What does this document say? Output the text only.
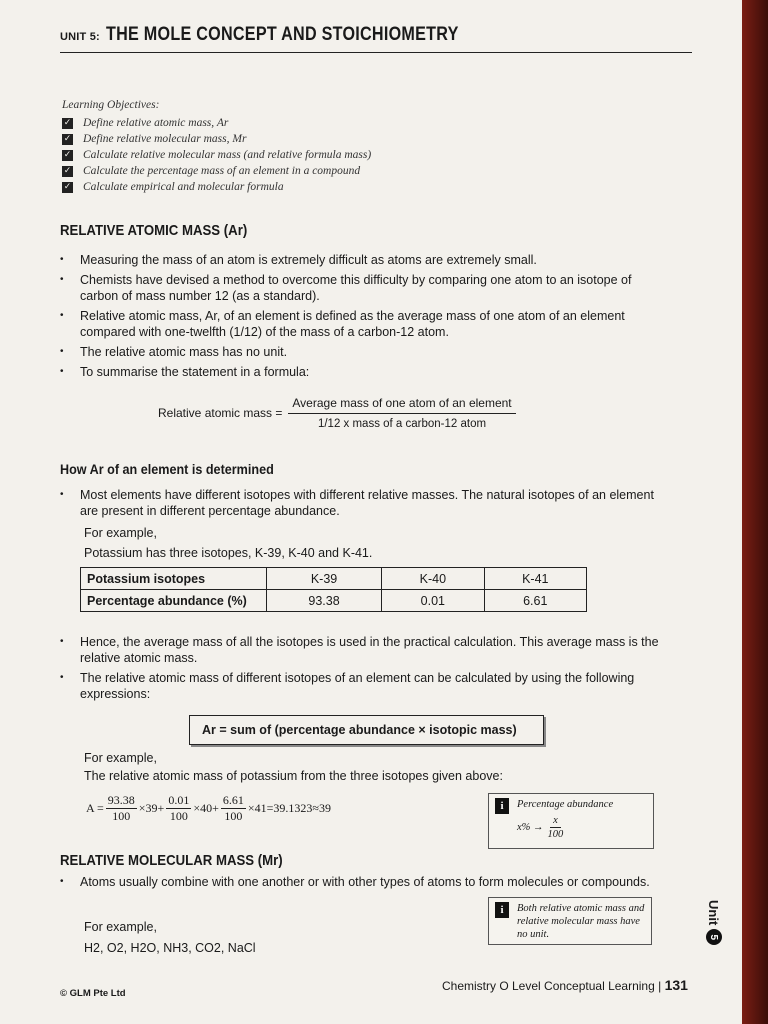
UNIT 5: THE MOLE CONCEPT AND STOICHIOMETRY
Learning Objectives:
✓ Define relative atomic mass, Ar
✓ Define relative molecular mass, Mr
✓ Calculate relative molecular mass (and relative formula mass)
✓ Calculate the percentage mass of an element in a compound
✓ Calculate empirical and molecular formula
RELATIVE ATOMIC MASS (Ar)
• Measuring the mass of an atom is extremely difficult as atoms are extremely small.
• Chemists have devised a method to overcome this difficulty by comparing one atom to an isotope of carbon of mass number 12 (as a standard).
• Relative atomic mass, Ar, of an element is defined as the average mass of one atom of an element compared with one-twelfth (1/12) of the mass of a carbon-12 atom.
• The relative atomic mass has no unit.
• To summarise the statement in a formula:
Relative atomic mass = $\frac{\text{Average mass of one atom of an element}}{\text{1/12 x mass of a carbon-12 atom}}$
How Ar of an element is determined
• Most elements have different isotopes with different relative masses. The natural isotopes of an element are present in different percentage abundance.
For example,
Potassium has three isotopes, K-39, K-40 and K-41.
Potassium isotopes	K-39	K-40	K-41
Percentage abundance (%)	93.38	0.01	6.61
• Hence, the average mass of all the isotopes is used in the practical calculation. This average mass is the relative atomic mass.
• The relative atomic mass of different isotopes of an element can be calculated by using the following expressions:
Ar = sum of (percentage abundance × isotopic mass)
For example,
The relative atomic mass of potassium from the three isotopes given above:
$A = \frac{93.38}{100} \times 39+ \frac{0.01}{100} \times 40+ \frac{6.61}{100} \times 41=39.1323\approx 39$	i	Percentage abundance
x% →
x
100
RELATIVE MOLECULAR MASS (Mr)
• Atoms usually combine with one another or with other types of atoms to form molecules or compounds.
For example,
H2, O2, H2O, NH3, CO2, NaCl
i	Both relative atomic mass and relative molecular mass have no unit.
© GLM Pte Ltd
Chemistry O Level Conceptual Learning | 131
Unit
5
